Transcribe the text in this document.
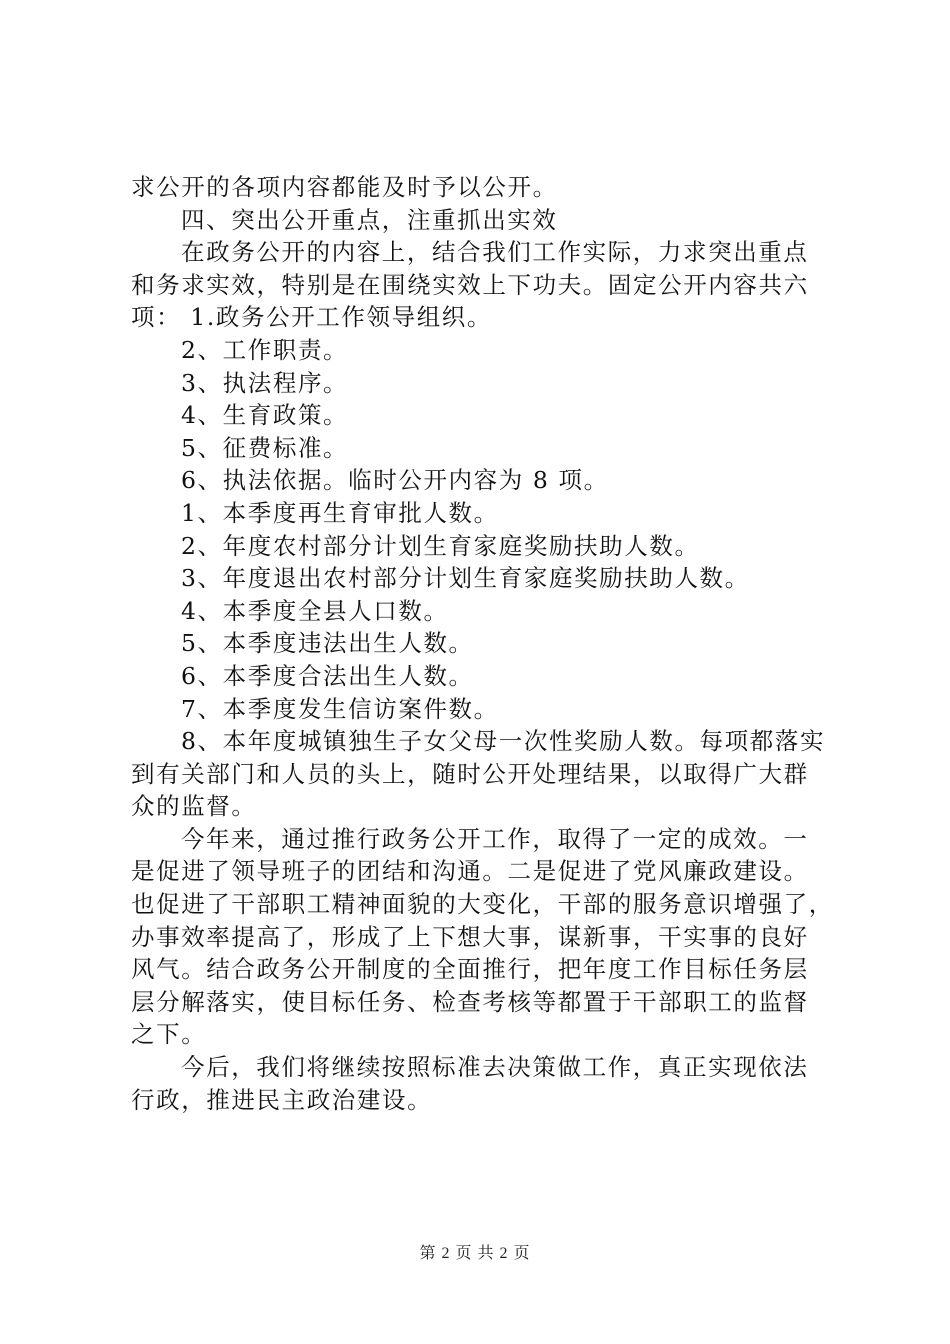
求公开的各项内容都能及时予以公开。
四、突出公开重点，注重抓出实效
在政务公开的内容上，结合我们工作实际，力求突出重点
和务求实效，特别是在围绕实效上下功夫。固定公开内容共六
项： 1.政务公开工作领导组织。
2、工作职责。
3、执法程序。
4、生育政策。
5、征费标准。
6、执法依据。临时公开内容为 8 项。
1、本季度再生育审批人数。
2、年度农村部分计划生育家庭奖励扶助人数。
3、年度退出农村部分计划生育家庭奖励扶助人数。
4、本季度全县人口数。
5、本季度违法出生人数。
6、本季度合法出生人数。
7、本季度发生信访案件数。
8、本年度城镇独生子女父母一次性奖励人数。每项都落实
到有关部门和人员的头上，随时公开处理结果，以取得广大群
众的监督。
今年来，通过推行政务公开工作，取得了一定的成效。一
是促进了领导班子的团结和沟通。二是促进了党风廉政建设。
也促进了干部职工精神面貌的大变化，干部的服务意识增强了，
办事效率提高了，形成了上下想大事，谋新事，干实事的良好
风气。结合政务公开制度的全面推行，把年度工作目标任务层
层分解落实，使目标任务、检查考核等都置于干部职工的监督
之下。
今后，我们将继续按照标准去决策做工作，真正实现依法
行政，推进民主政治建设。
第 2 页 共 2 页
